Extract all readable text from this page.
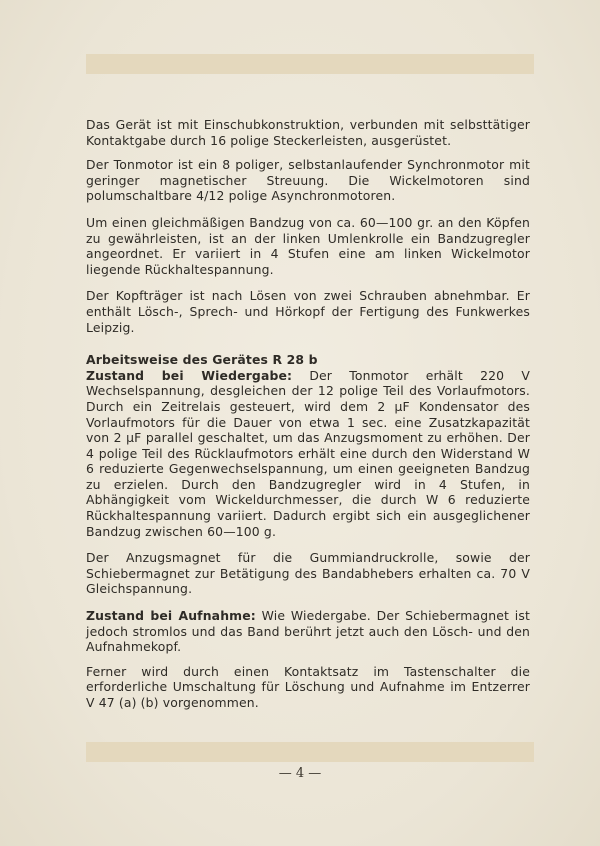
Das Gerät ist mit Einschubkonstruktion, verbunden mit selbsttätiger Kontaktgabe durch 16 polige Steckerleisten, ausgerüstet.

Der Tonmotor ist ein 8 poliger, selbstanlaufender Synchronmotor mit geringer magnetischer Streuung. Die Wickelmotoren sind polumschaltbare 4/12 polige Asynchronmotoren.

Um einen gleichmäßigen Bandzug von ca. 60—100 gr. an den Köpfen zu gewährleisten, ist an der linken Umlenkrolle ein Bandzugregler angeordnet. Er variiert in 4 Stufen eine am linken Wickelmotor liegende Rückhaltespannung.

Der Kopfträger ist nach Lösen von zwei Schrauben abnehmbar. Er enthält Lösch-, Sprech- und Hörkopf der Fertigung des Funkwerkes Leipzig.

Arbeitsweise des Gerätes R 28 b

Zustand bei Wiedergabe: Der Tonmotor erhält 220 V Wechselspannung, desgleichen der 12 polige Teil des Vorlaufmotors. Durch ein Zeitrelais gesteuert, wird dem 2 µF Kondensator des Vorlaufmotors für die Dauer von etwa 1 sec. eine Zusatzkapazität von 2 µF parallel geschaltet, um das Anzugsmoment zu erhöhen. Der 4 polige Teil des Rücklaufmotors erhält eine durch den Widerstand W 6 reduzierte Gegenwechselspannung, um einen geeigneten Bandzug zu erzielen. Durch den Bandzugregler wird in 4 Stufen, in Abhängigkeit vom Wickeldurchmesser, die durch W 6 reduzierte Rückhaltespannung variiert. Dadurch ergibt sich ein ausgeglichener Bandzug zwischen 60—100 g.

Der Anzugsmagnet für die Gummiandruckrolle, sowie der Schiebermagnet zur Betätigung des Bandabhebers erhalten ca. 70 V Gleichspannung.

Zustand bei Aufnahme: Wie Wiedergabe. Der Schiebermagnet ist jedoch stromlos und das Band berührt jetzt auch den Lösch- und den Aufnahmekopf.

Ferner wird durch einen Kontaktsatz im Tastenschalter die erforderliche Umschaltung für Löschung und Aufnahme im Entzerrer V 47 (a) (b) vorgenommen.

— 4 —
